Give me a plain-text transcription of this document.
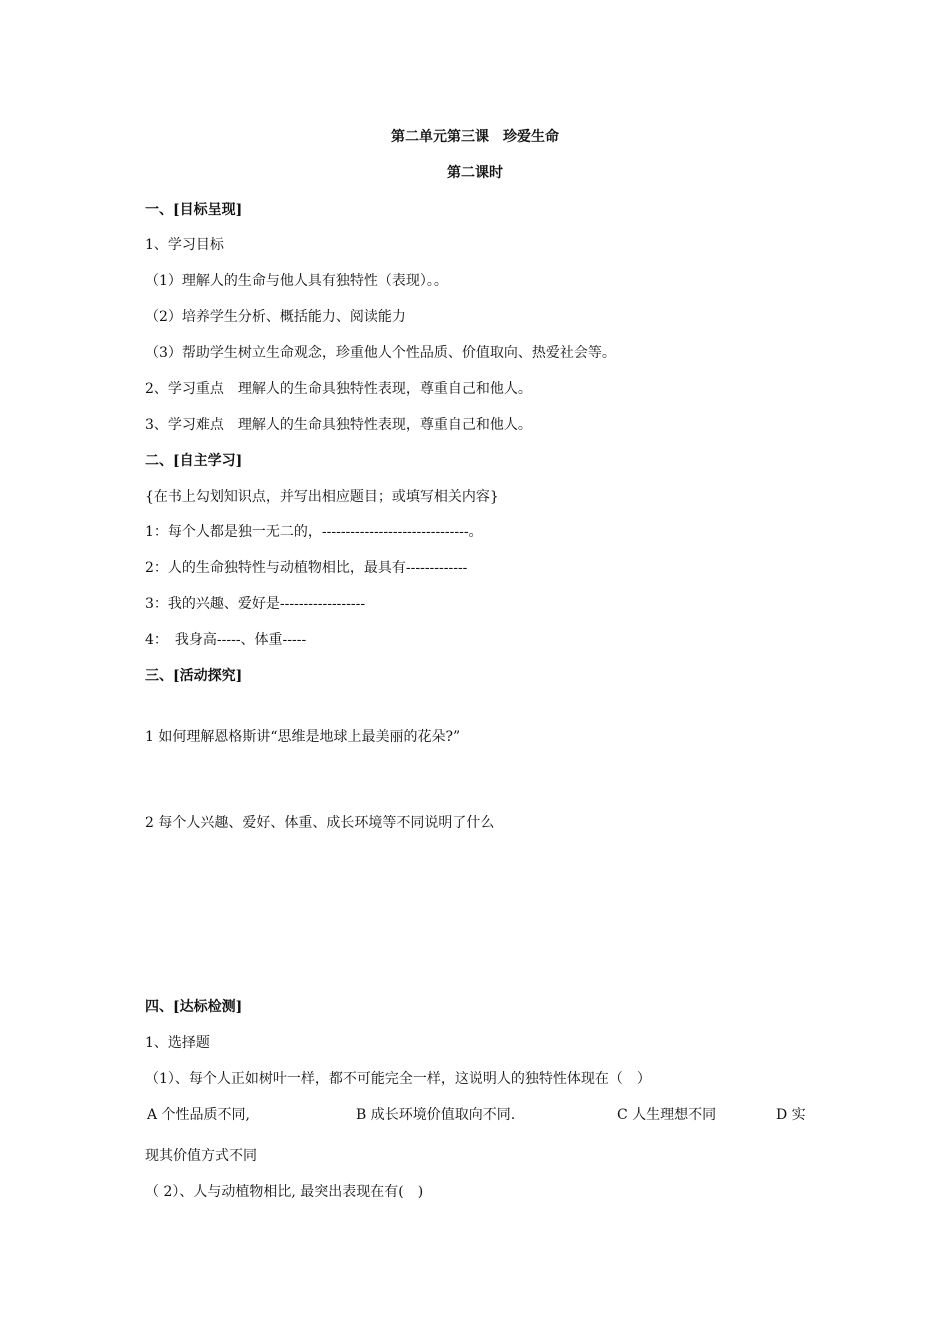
第二单元第三课　珍爱生命
第二课时
一、[目标呈现]
1、学习目标
（1）理解人的生命与他人具有独特性（表现）。。
（2）培养学生分析、概括能力、阅读能力
（3）帮助学生树立生命观念，珍重他人个性品质、价值取向、热爱社会等。
2、学习重点　理解人的生命具独特性表现，尊重自己和他人。
3、学习难点　理解人的生命具独特性表现，尊重自己和他人。
二、[自主学习]
{在书上勾划知识点，并写出相应题目；或填写相关内容}
1：每个人都是独一无二的，-------------------------------。
2：人的生命独特性与动植物相比，最具有-------------
3：我的兴趣、爱好是------------------
4：　我身高-----、体重-----
三、[活动探究]
1 如何理解恩格斯讲“思维是地球上最美丽的花朵?”
2 每个人兴趣、爱好、体重、成长环境等不同说明了什么
四、[达标检测]
1、选择题
（1）、每个人正如树叶一样，都不可能完全一样，这说明人的独特性体现在（　）
A 个性品质不同,	B 成长环境价值取向不同.	C 人生理想不同	D 实
现其价值方式不同
（ 2）、人与动植物相比, 最突出表现在有(　)
